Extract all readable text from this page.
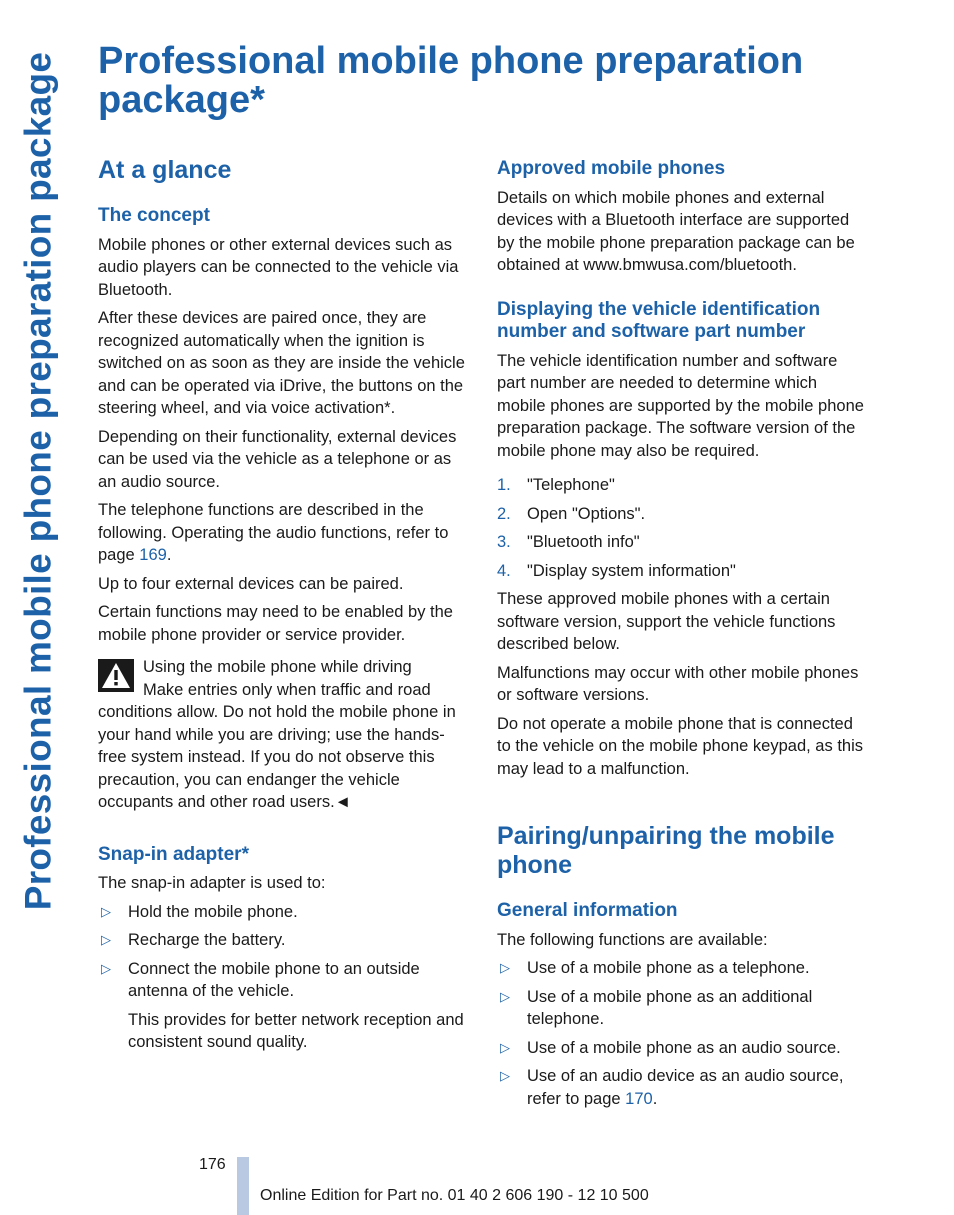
Professional mobile phone preparation package Professional mobile phone preparation package*
At a glance
The concept

Mobile phones or other external devices such as audio players can be connected to the vehicle via Bluetooth.

After these devices are paired once, they are recognized automatically when the ignition is switched on as soon as they are inside the vehicle and can be operated via iDrive, the buttons on the steering wheel, and via voice activation*.

Depending on their functionality, external devices can be used via the vehicle as a telephone or as an audio source.

The telephone functions are described in the following. Operating the audio functions, refer to page 169.

Up to four external devices can be paired.

Certain functions may need to be enabled by the mobile phone provider or service provider.

Using the mobile phone while driving

Make entries only when traffic and road conditions allow. Do not hold the mobile phone in your hand while you are driving; use the hands-free system instead. If you do not observe this precaution, you can endanger the vehicle occupants and other road users.◄

Snap-in adapter*

The snap-in adapter is used to:

▷ Hold the mobile phone.
▷ Recharge the battery.
▷ Connect the mobile phone to an outside antenna of the vehicle.

This provides for better network reception and consistent sound quality.

Approved mobile phones

Details on which mobile phones and external devices with a Bluetooth interface are supported by the mobile phone preparation package can be obtained at www.bmwusa.com/bluetooth.

Displaying the vehicle identification number and software part number

The vehicle identification number and software part number are needed to determine which mobile phones are supported by the mobile phone preparation package. The software version of the mobile phone may also be required.

1. "Telephone"
2. Open "Options".
3. "Bluetooth info"
4. "Display system information"

These approved mobile phones with a certain software version, support the vehicle functions described below.

Malfunctions may occur with other mobile phones or software versions.

Do not operate a mobile phone that is connected to the vehicle on the mobile phone keypad, as this may lead to a malfunction.

Pairing/unpairing the mobile phone
General information

The following functions are available:

▷ Use of a mobile phone as a telephone.
▷ Use of a mobile phone as an additional telephone.
▷ Use of a mobile phone as an audio source.
▷ Use of an audio device as an audio source, refer to page 170.
176
Online Edition for Part no. 01 40 2 606 190 - 12 10 500
